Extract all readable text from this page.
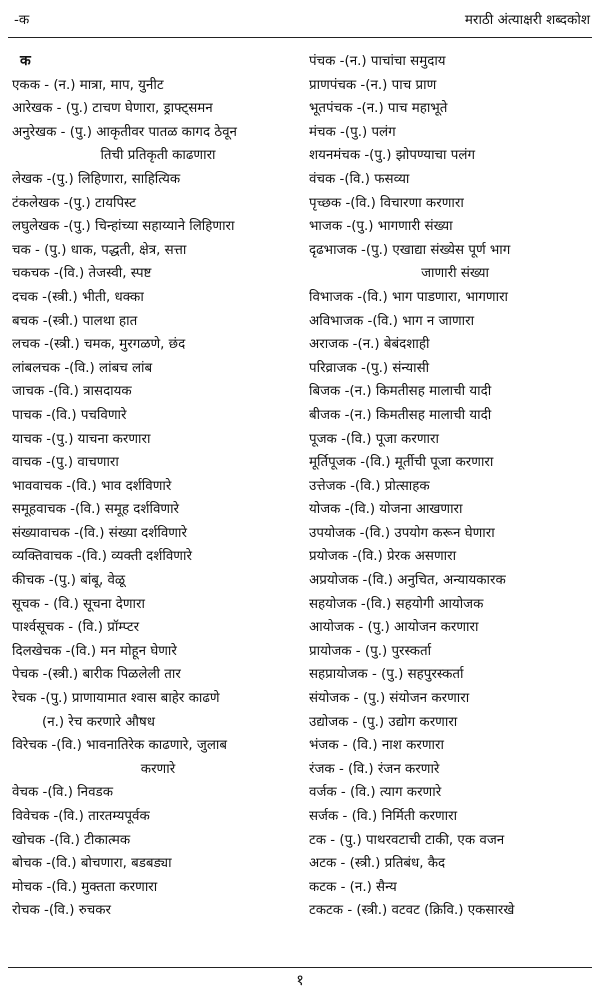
-क	मराठी अंत्याक्षरी शब्दकोश
क
एकक - (न.) मात्रा, माप, युनीट
आरेखक - (पु.) टाचण घेणारा, ड्राफ्ट्समन
अनुरेखक - (पु.) आकृतीवर पातळ कागद ठेवून
तिची प्रतिकृती काढणारा
लेखक -(पु.) लिहिणारा, साहित्यिक
टंकलेखक -(पु.) टायपिस्ट
लघुलेखक -(पु.) चिन्हांच्या सहाय्याने लिहिणारा
चक - (पु.) धाक, पद्धती, क्षेत्र, सत्ता
चकचक -(वि.) तेजस्वी, स्पष्ट
दचक -(स्त्री.) भीती, धक्का
बचक -(स्त्री.) पालथा हात
लचक -(स्त्री.) चमक, मुरगळणे, छंद
लांबलचक -(वि.) लांबच लांब
जाचक -(वि.) त्रासदायक
पाचक -(वि.) पचविणारे
याचक -(पु.) याचना करणारा
वाचक -(पु.) वाचणारा
भाववाचक -(वि.) भाव दर्शविणारे
समूहवाचक -(वि.) समूह दर्शविणारे
संख्यावाचक -(वि.) संख्या दर्शविणारे
व्यक्तिवाचक -(वि.) व्यक्ती दर्शविणारे
कीचक -(पु.) बांबू, वेळू
सूचक - (वि.) सूचना देणारा
पार्श्वसूचक - (वि.) प्रॉम्प्टर
दिलखेचक -(वि.) मन मोहून घेणारे
पेचक -(स्त्री.) बारीक पिळलेली तार
रेचक -(पु.) प्राणायामात श्वास बाहेर काढणे
(न.) रेच करणारे औषध
विरेचक -(वि.) भावनातिरेक काढणारे, जुलाब
करणारे
वेचक -(वि.) निवडक
विवेचक -(वि.) तारतम्यपूर्वक
खोचक -(वि.) टीकात्मक
बोचक -(वि.) बोचणारा, बडबड्या
मोचक -(वि.) मुक्तता करणारा
रोचक -(वि.) रुचकर
पंचक -(न.) पाचांचा समुदाय
प्राणपंचक -(न.) पाच प्राण
भूतपंचक -(न.) पाच महाभूते
मंचक -(पु.) पलंग
शयनमंचक -(पु.) झोपण्याचा पलंग
वंचक -(वि.) फसव्या
पृच्छक -(वि.) विचारणा करणारा
भाजक -(पु.) भागणारी संख्या
दृढभाजक -(पु.) एखाद्या संख्येस पूर्ण भाग
जाणारी संख्या
विभाजक -(वि.) भाग पाडणारा, भागणारा
अविभाजक -(वि.) भाग न जाणारा
अराजक -(न.) बेबंदशाही
परिव्राजक -(पु.) संन्यासी
बिजक -(न.) किमतीसह मालाची यादी
बीजक -(न.) किमतीसह मालाची यादी
पूजक -(वि.) पूजा करणारा
मूर्तिपूजक -(वि.) मूर्तीची पूजा करणारा
उत्तेजक -(वि.) प्रोत्साहक
योजक -(वि.) योजना आखणारा
उपयोजक -(वि.) उपयोग करून घेणारा
प्रयोजक -(वि.) प्रेरक असणारा
अप्रयोजक -(वि.) अनुचित, अन्यायकारक
सहयोजक -(वि.) सहयोगी आयोजक
आयोजक - (पु.) आयोजन करणारा
प्रायोजक - (पु.) पुरस्कर्ता
सहप्रायोजक - (पु.) सहपुरस्कर्ता
संयोजक - (पु.) संयोजन करणारा
उद्योजक - (पु.) उद्योग करणारा
भंजक - (वि.) नाश करणारा
रंजक - (वि.) रंजन करणारे
वर्जक - (वि.) त्याग करणारे
सर्जक - (वि.) निर्मिती करणारा
टक - (पु.) पाथरवटाची टाकी, एक वजन
अटक - (स्त्री.) प्रतिबंध, कैद
कटक - (न.) सैन्य
टकटक - (स्त्री.) वटवट (क्रिवि.) एकसारखे
१
